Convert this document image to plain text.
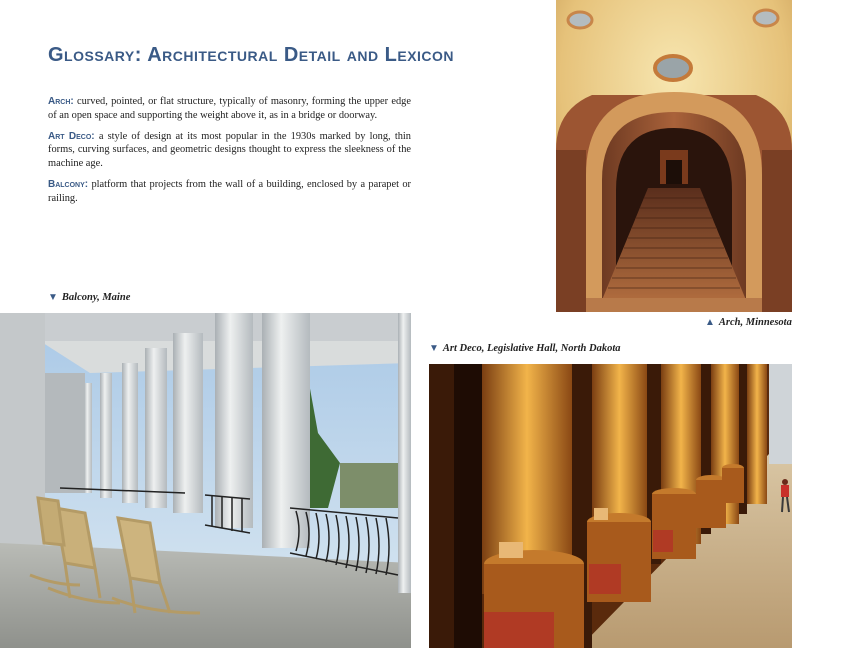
Glossary: Architectural Detail and Lexicon

Arch: curved, pointed, or flat structure, typically of masonry, forming the upper edge of an open space and supporting the weight above it, as in a bridge or doorway.

Art Deco: a style of design at its most popular in the 1930s marked by long, thin forms, curving surfaces, and geometric designs thought to express the sleekness of the machine age.

Balcony: platform that projects from the wall of a building, enclosed by a parapet or railing.

▲ Arch, Minnesota
▼ Balcony, Maine
▼ Art Deco, Legislative Hall, North Dakota
